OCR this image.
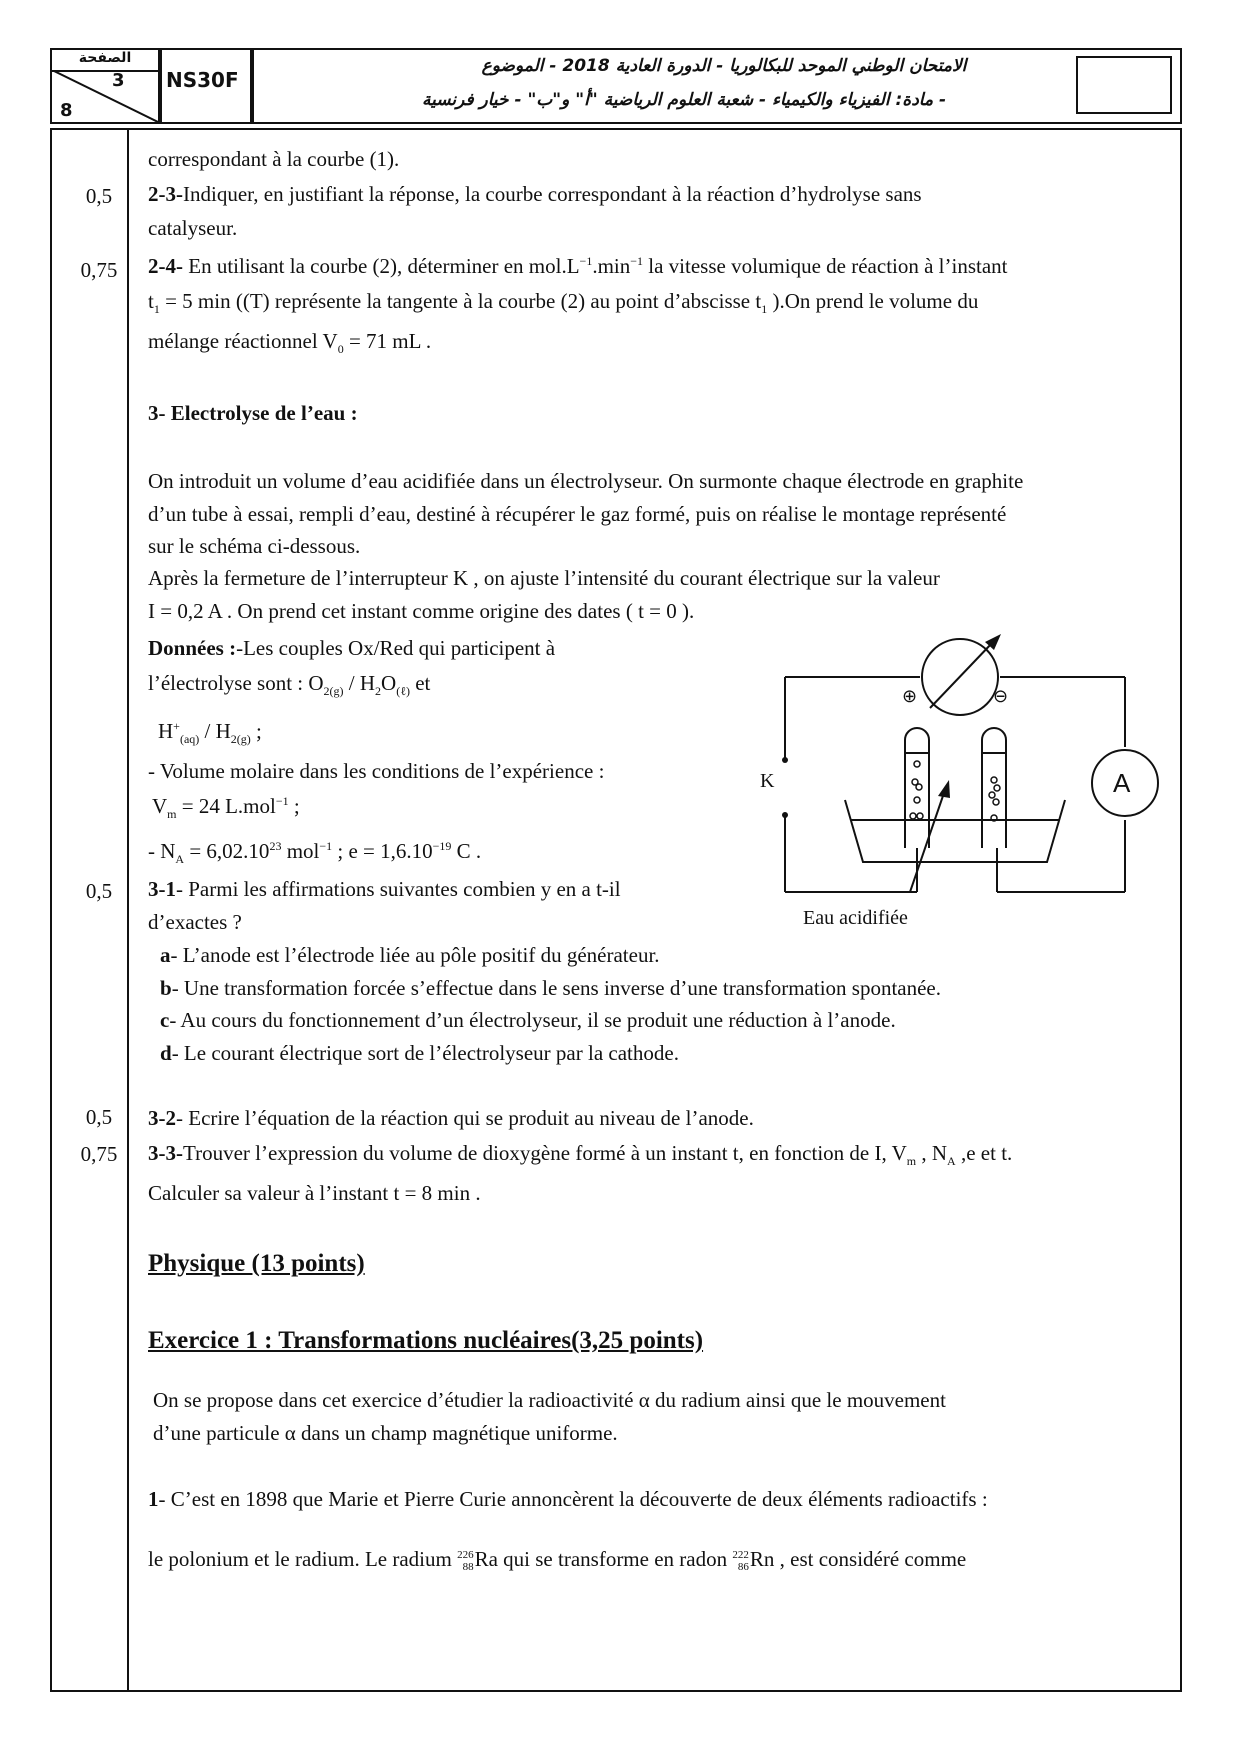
الصفحة
3
8
NS30F
الامتحان الوطني الموحد للبكالوريا - الدورة العادية 2018 - الموضوع
- مادة: الفيزياء والكيمياء - شعبة العلوم الرياضية "أ" و"ب" - خيار فرنسية
0,5
0,75
0,5
0,5
0,75
correspondant à la courbe (1).
2-3-Indiquer, en justifiant la réponse, la courbe correspondant à la réaction d’hydrolyse sans
catalyseur.
2-4- En utilisant la courbe (2), déterminer en $mol.L^{-1}.\min^{-1}$ la vitesse volumique de réaction à l’instant
$t_1 = 5$ min ((T) représente la tangente à la courbe (2) au point d’abscisse $t_1$ ).On prend le volume du
mélange réactionnel $V_0 = 71$ mL .
3- Electrolyse de l’eau :
On introduit un volume d’eau acidifiée dans un électrolyseur. On surmonte chaque électrode en graphite
d’un tube à essai, rempli d’eau, destiné à récupérer le gaz formé, puis on réalise le montage représenté
sur le schéma ci-dessous.
Après la fermeture de l’interrupteur K , on ajuste l’intensité du courant électrique sur la valeur
I = 0,2 A . On prend cet instant comme origine des dates ( t = 0 ).
Données :-Les couples Ox/Red qui participent à
l’électrolyse sont : $O_{2(g)} / H_2O_{(\ell)}$ et
$H^+_{(aq)} / H_{2(g)}$ ;
- Volume molaire dans les conditions de l’expérience :
$V_m = 24$ L.mol$^{-1}$ ;
- $N_A = 6,02.10^{23}$ mol$^{-1}$ ; $e = 1,6.10^{-19}$ C .
3-1- Parmi les affirmations suivantes combien y en a t-il
d’exactes ?
a- L’anode est l’électrode liée au pôle positif du générateur.
b- Une transformation forcée s’effectue dans le sens inverse d’une transformation spontanée.
c- Au cours du fonctionnement d’un électrolyseur, il se produit une réduction à l’anode.
d- Le courant électrique sort de l’électrolyseur par la cathode.
3-2- Ecrire l’équation de la réaction qui se produit au niveau de l’anode.
3-3-Trouver l’expression du volume de dioxygène formé à un instant t, en fonction de I, $V_m$ , $N_A$ ,e et t.
Calculer sa valeur à l’instant t = 8 min .
Physique (13 points)
Exercice 1 : Transformations nucléaires(3,25 points)
On se propose dans cet exercice d’étudier la radioactivité α du radium ainsi que le mouvement
d’une particule α dans un champ magnétique uniforme.
1- C’est en 1898 que Marie et Pierre Curie annoncèrent la découverte de deux éléments radioactifs :
le polonium et le radium. Le radium 226
88 Ra qui se transforme en radon 222
86 Rn , est considéré comme
K
⊕	⊖
A
Eau acidifiée
